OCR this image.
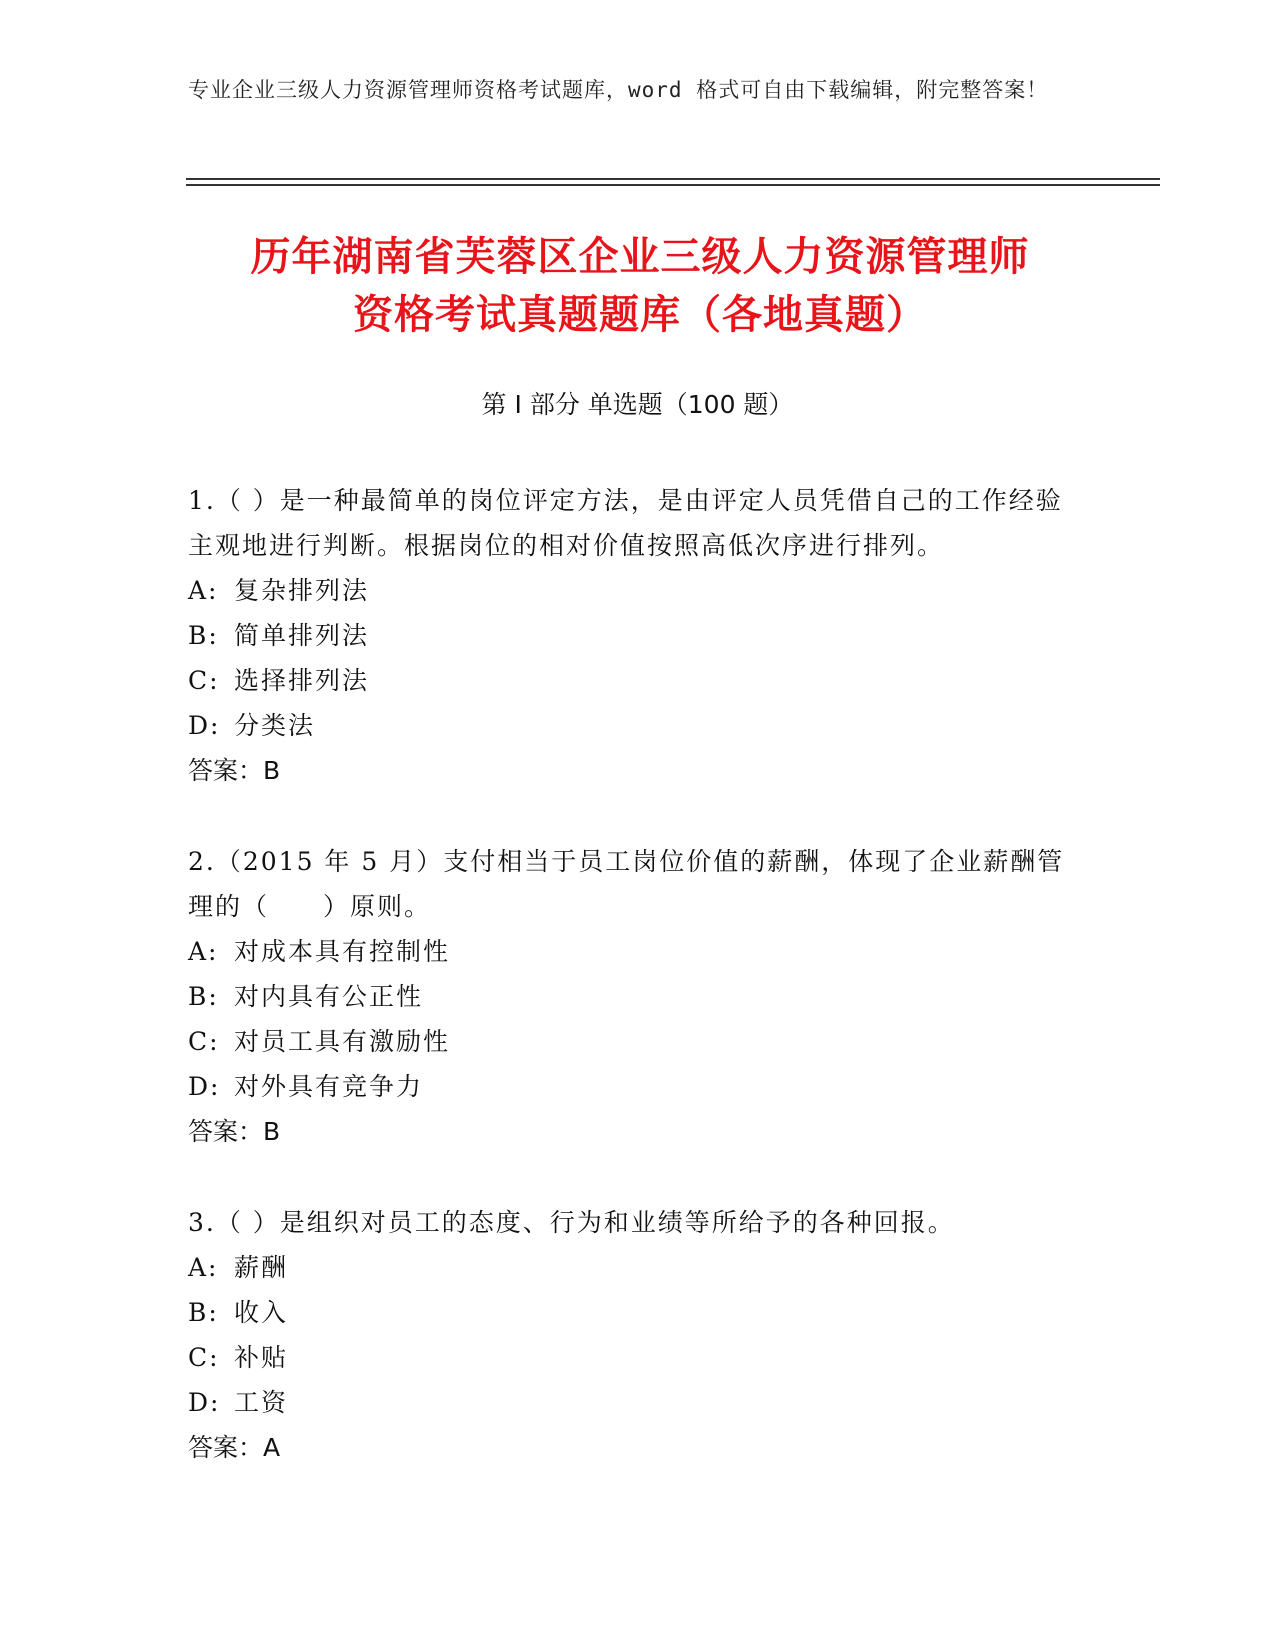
专业企业三级人力资源管理师资格考试题库，word 格式可自由下载编辑，附完整答案！
历年湖南省芙蓉区企业三级人力资源管理师
资格考试真题题库（各地真题）
第 I 部分 单选题（100 题）

1.（ ）是一种最简单的岗位评定方法，是由评定人员凭借自己的工作经验主观地进行判断。根据岗位的相对价值按照高低次序进行排列。

A: 复杂排列法
B: 简单排列法
C: 选择排列法
D: 分类法
答案：B

2.（2015 年 5 月）支付相当于员工岗位价值的薪酬，体现了企业薪酬管理的（　　）原则。

A: 对成本具有控制性
B: 对内具有公正性
C: 对员工具有激励性
D: 对外具有竞争力
答案：B

3.（ ）是组织对员工的态度、行为和业绩等所给予的各种回报。

A: 薪酬
B: 收入
C: 补贴
D: 工资
答案：A
